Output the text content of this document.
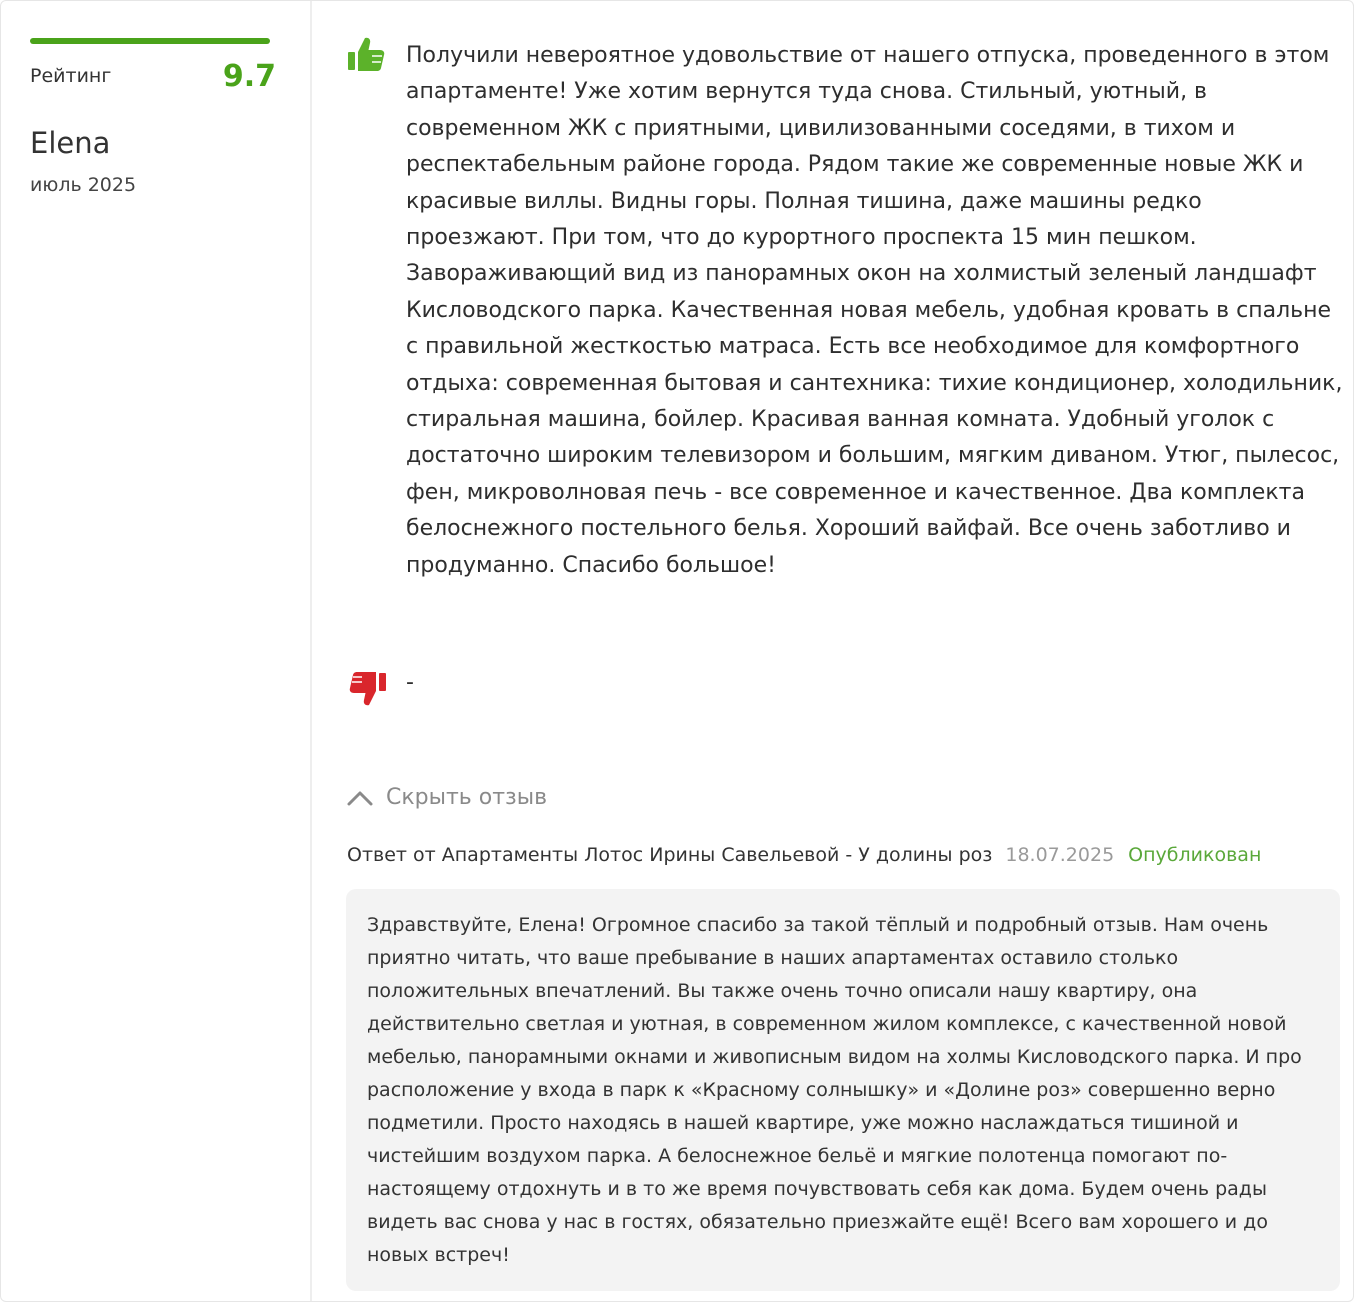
Рейтинг	9.7
Elena
июль 2025
Получили невероятное удовольствие от нашего отпуска, проведенного в этом апартаменте! Уже хотим вернутся туда снова. Стильный, уютный, в современном ЖК с приятными, цивилизованными соседями, в тихом и респектабельным районе города. Рядом такие же современные новые ЖК и красивые виллы. Видны горы. Полная тишина, даже машины редко проезжают. При том, что до курортного проспекта 15 мин пешком. Завораживающий вид из панорамных окон на холмистый зеленый ландшафт Кисловодского парка. Качественная новая мебель, удобная кровать в спальне с правильной жесткостью матраса. Есть все необходимое для комфортного отдыха: современная бытовая и сантехника: тихие кондиционер, холодильник, стиральная машина, бойлер. Красивая ванная комната. Удобный уголок с достаточно широким телевизором и большим, мягким диваном. Утюг, пылесос, фен, микроволновая печь - все современное и качественное. Два комплекта белоснежного постельного белья. Хороший вайфай. Все очень заботливо и продуманно. Спасибо большое!
-
Скрыть отзыв
Ответ от Апартаменты Лотос Ирины Савельевой - У долины роз 18.07.2025 Опубликован
Здравствуйте, Елена! Огромное спасибо за такой тёплый и подробный отзыв. Нам очень приятно читать, что ваше пребывание в наших апартаментах оставило столько положительных впечатлений. Вы также очень точно описали нашу квартиру, она действительно светлая и уютная, в современном жилом комплексе, с качественной новой мебелью, панорамными окнами и живописным видом на холмы Кисловодского парка. И про расположение у входа в парк к «Красному солнышку» и «Долине роз» совершенно верно подметили. Просто находясь в нашей квартире, уже можно наслаждаться тишиной и чистейшим воздухом парка. А белоснежное бельё и мягкие полотенца помогают по-настоящему отдохнуть и в то же время почувствовать себя как дома. Будем очень рады видеть вас снова у нас в гостях, обязательно приезжайте ещё! Всего вам хорошего и до новых встреч!
